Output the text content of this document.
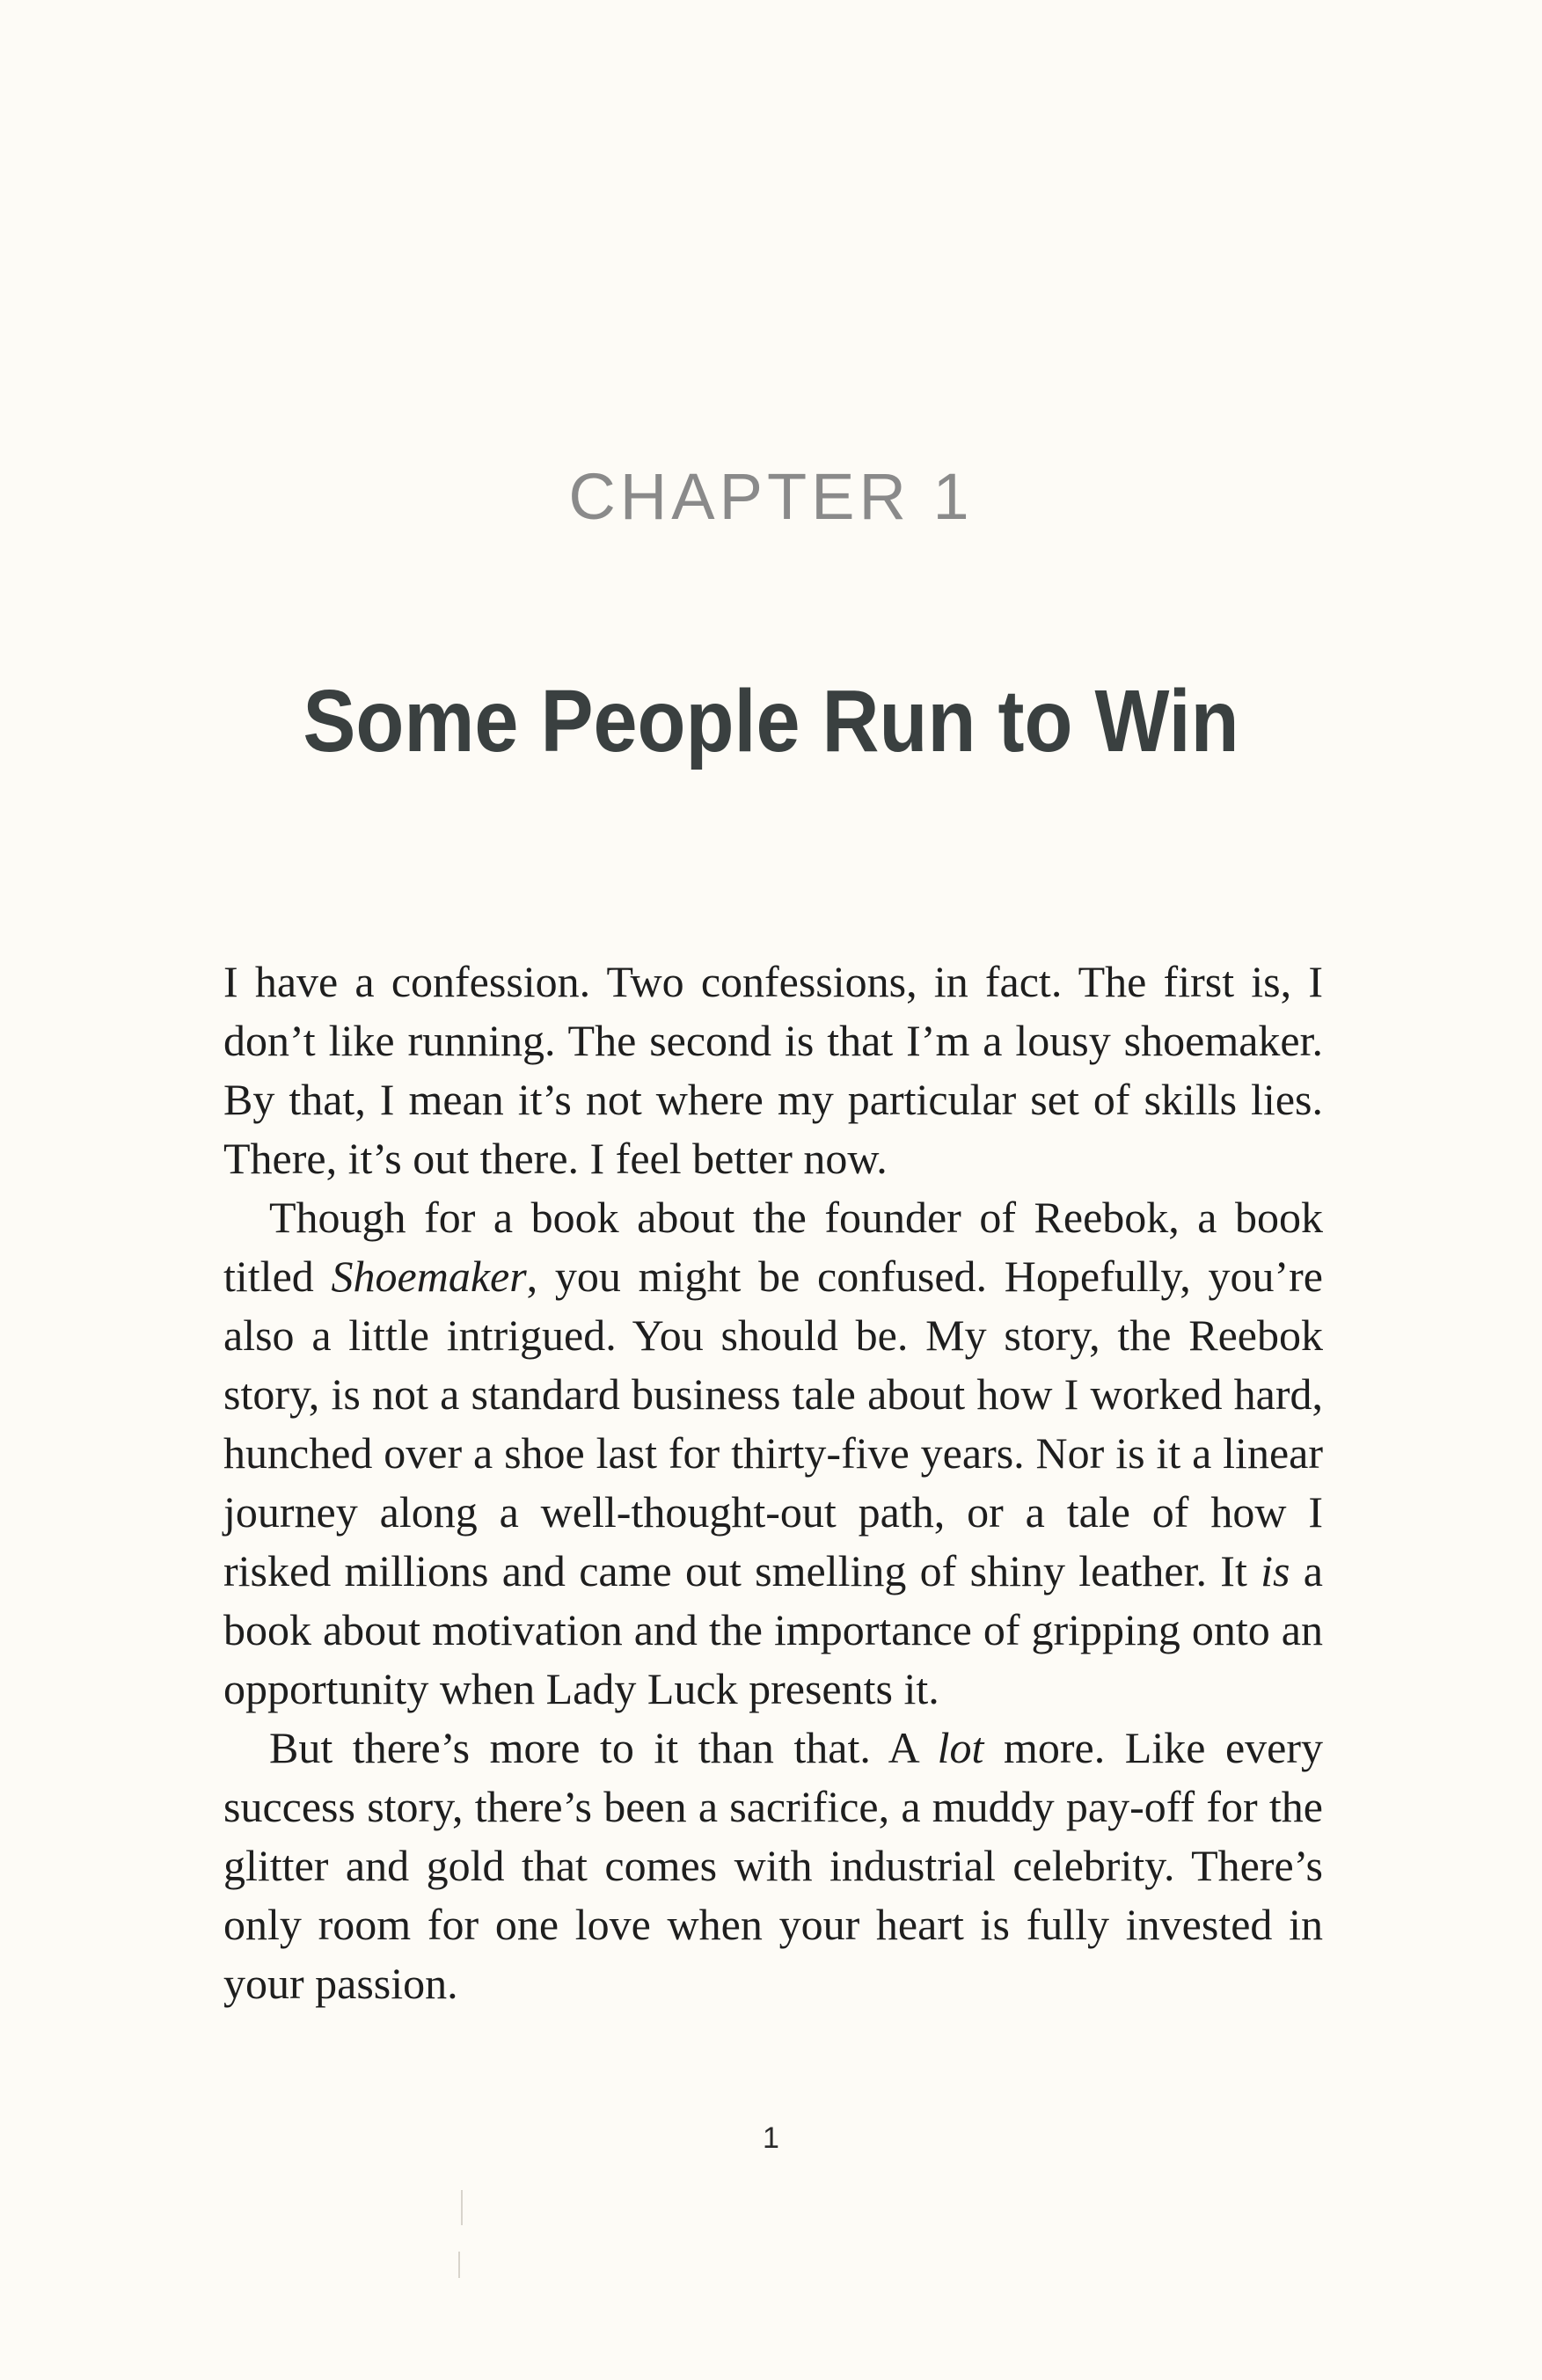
CHAPTER 1
Some People Run to Win

I have a confession. Two confessions, in fact. The first is, I don’t like running. The second is that I’m a lousy shoemaker. By that, I mean it’s not where my particular set of skills lies. There, it’s out there. I feel better now.

Though for a book about the founder of Reebok, a book titled Shoemaker, you might be confused. Hopefully, you’re also a little intrigued. You should be. My story, the Reebok story, is not a standard business tale about how I worked hard, hunched over a shoe last for thirty-five years. Nor is it a linear journey along a well-thought-out path, or a tale of how I risked millions and came out smelling of shiny leather. It is a book about motivation and the importance of gripping onto an opportunity when Lady Luck presents it.

But there’s more to it than that. A lot more. Like every success story, there’s been a sacrifice, a muddy pay-off for the glitter and gold that comes with industrial celebrity. There’s only room for one love when your heart is fully invested in your passion.

1
